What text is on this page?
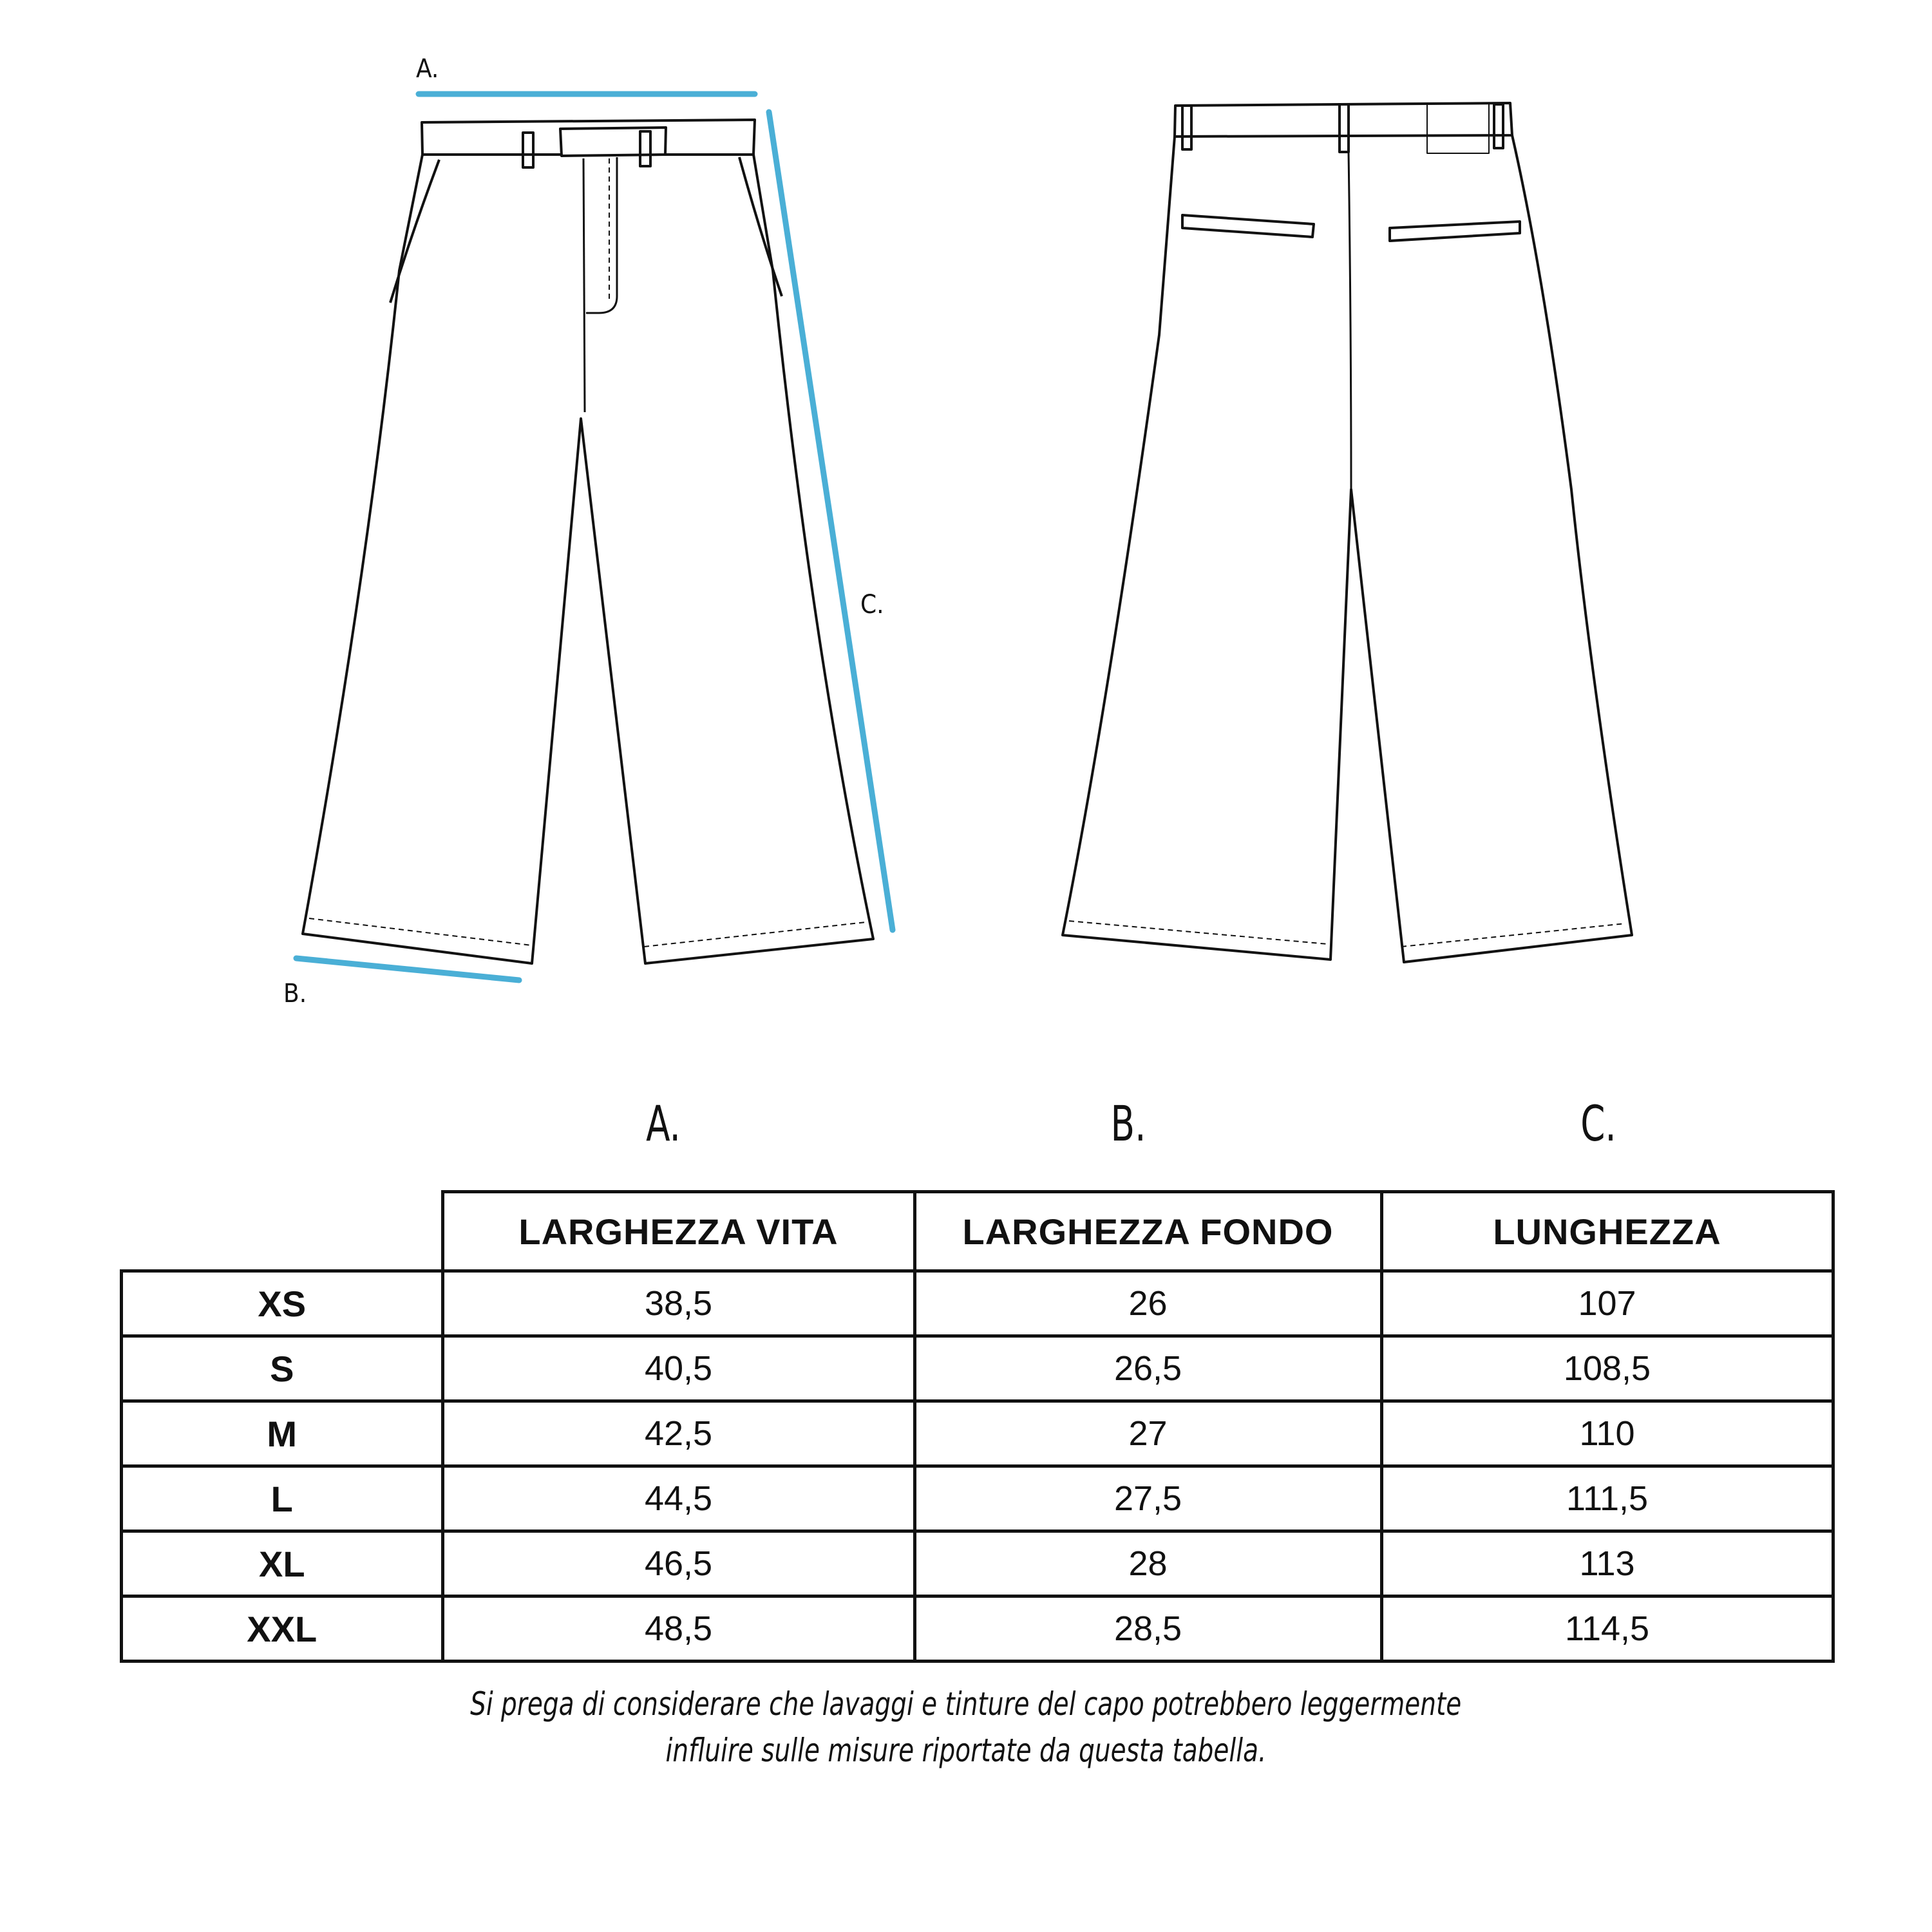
A.
B.
C.
A.	B.	C.
	LARGHEZZA VITA	LARGHEZZA FONDO	LUNGHEZZA
XS	38,5	26	107
S	40,5	26,5	108,5
M	42,5	27	110
L	44,5	27,5	111,5
XL	46,5	28	113
XXL	48,5	28,5	114,5
Si prega di considerare che lavaggi e tinture del capo potrebbero leggermente
influire sulle misure riportate da questa tabella.
